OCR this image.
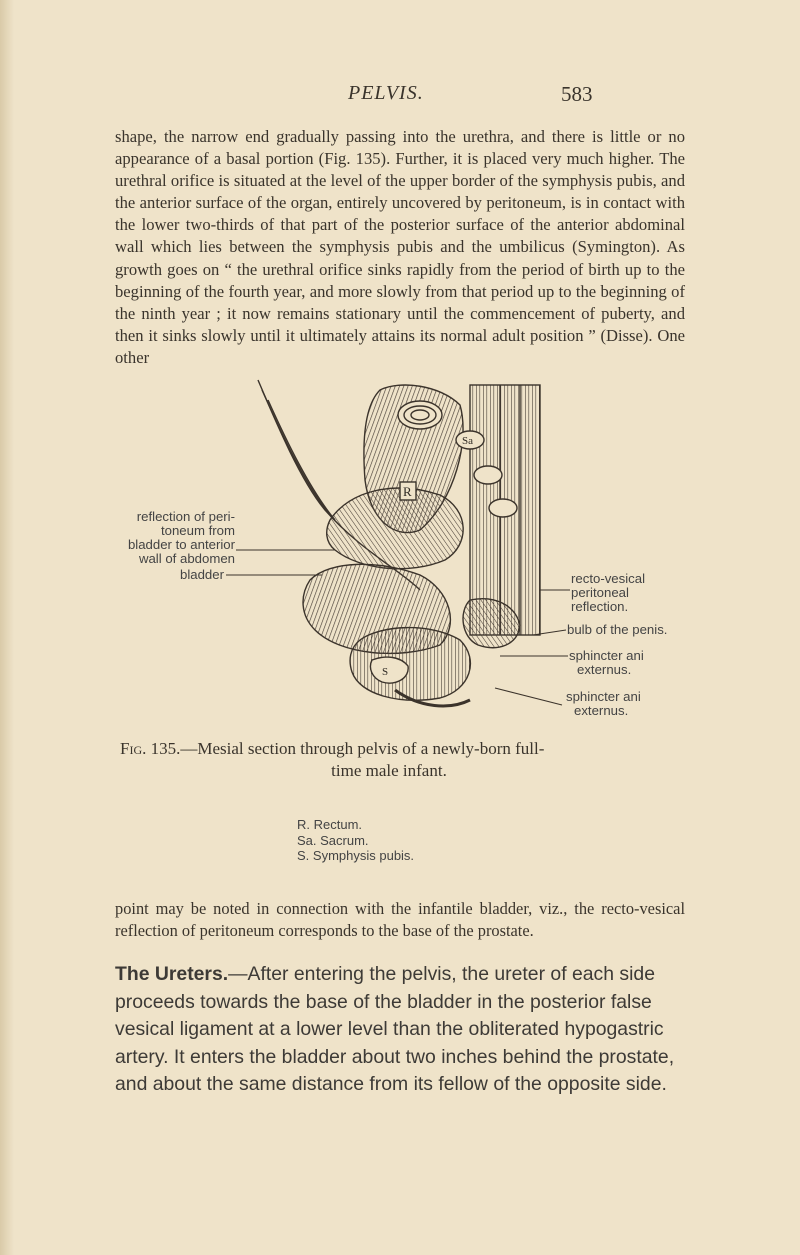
PELVIS.	583

shape, the narrow end gradually passing into the urethra, and there is little or no appearance of a basal portion (Fig. 135). Further, it is placed very much higher. The urethral orifice is situated at the level of the upper border of the symphysis pubis, and the anterior surface of the organ, entirely uncovered by peritoneum, is in contact with the lower two-thirds of that part of the posterior surface of the anterior abdominal wall which lies between the symphysis pubis and the umbilicus (Symington). As growth goes on “ the urethral orifice sinks rapidly from the period of birth up to the beginning of the fourth year, and more slowly from that period up to the beginning of the ninth year ; it now remains stationary until the commencement of puberty, and then it sinks slowly until it ultimately attains its normal adult position ” (Disse). One other

R
Sa
S
reflection of peri-
toneum from
bladder to anterior
wall of abdomen
bladder	recto-vesical
peritoneal
reflection.
bulb of the penis.
sphincter ani
externus.
sphincter ani
externus.

Fig. 135.—Mesial section through pelvis of a newly-born full-
time male infant.

R. Rectum.
Sa. Sacrum.
S. Symphysis pubis.

point may be noted in connection with the infantile bladder, viz., the recto-vesical reflection of peritoneum corresponds to the base of the prostate.

The Ureters.—After entering the pelvis, the ureter of each side proceeds towards the base of the bladder in the posterior false vesical ligament at a lower level than the obliterated hypogastric artery. It enters the bladder about two inches behind the prostate, and about the same distance from its fellow of the opposite side.
